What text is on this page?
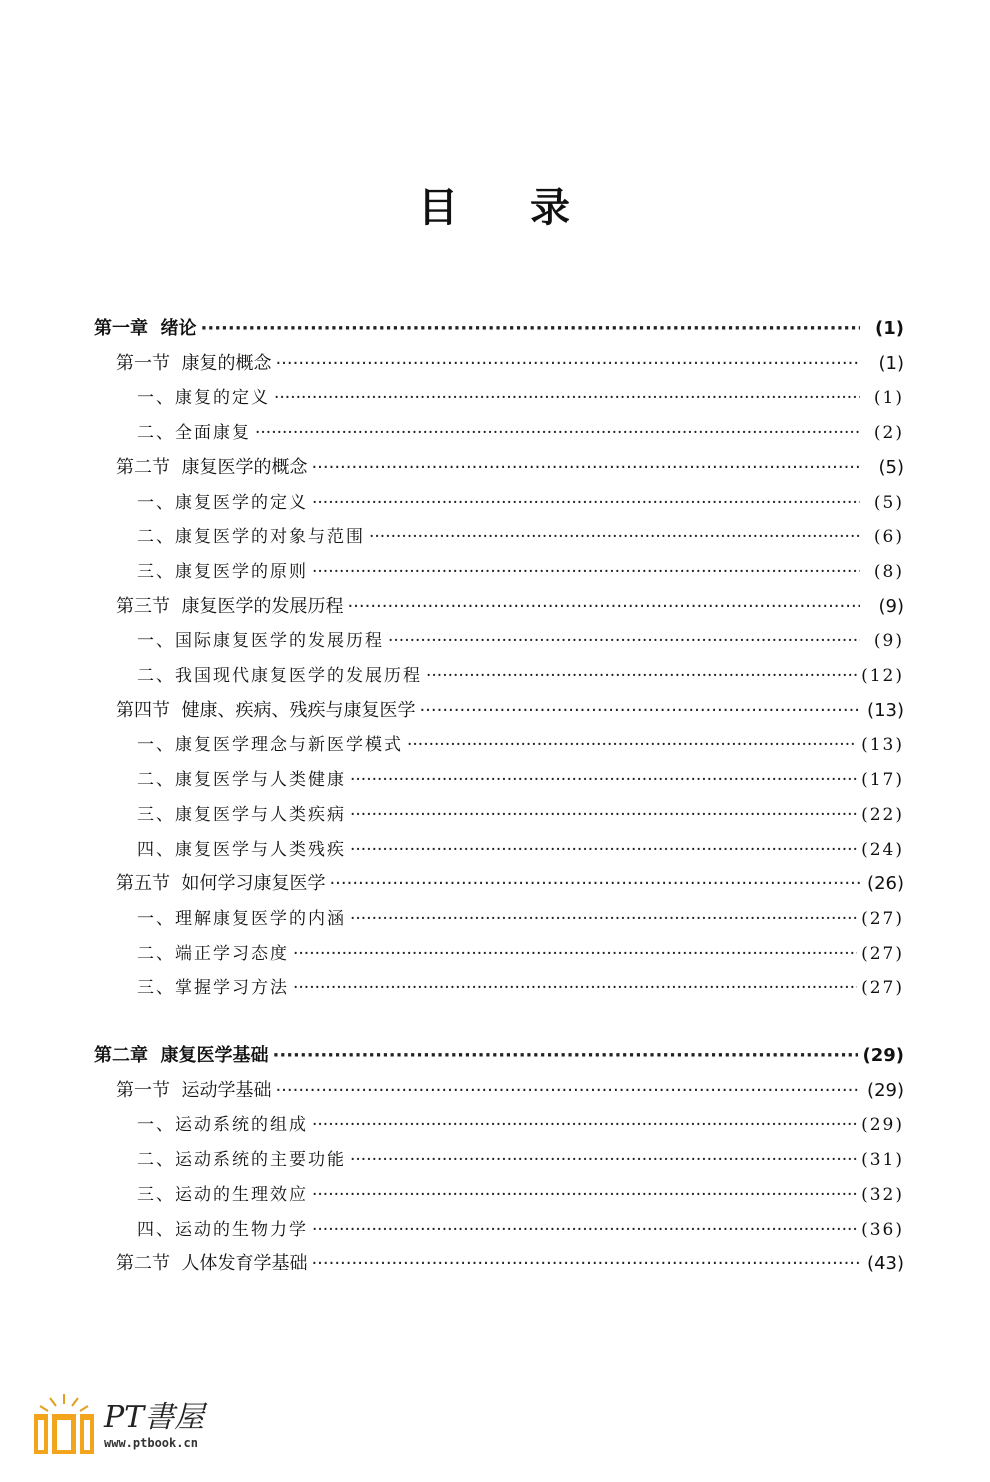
目 录
第一章  绪论 ·····	(1)
第一节  康复的概念 ·····	(1)
一、康复的定义 ·····	(1)
二、全面康复 ·····	(2)
第二节  康复医学的概念 ·····	(5)
一、康复医学的定义 ·····	(5)
二、康复医学的对象与范围 ·····	(6)
三、康复医学的原则 ·····	(8)
第三节  康复医学的发展历程 ·····	(9)
一、国际康复医学的发展历程 ·····	(9)
二、我国现代康复医学的发展历程 ·····	(12)
第四节  健康、疾病、残疾与康复医学 ·····	(13)
一、康复医学理念与新医学模式 ·····	(13)
二、康复医学与人类健康 ·····	(17)
三、康复医学与人类疾病 ·····	(22)
四、康复医学与人类残疾 ·····	(24)
第五节  如何学习康复医学 ·····	(26)
一、理解康复医学的内涵 ·····	(27)
二、端正学习态度 ·····	(27)
三、掌握学习方法 ·····	(27)
第二章  康复医学基础 ·····	(29)
第一节  运动学基础 ·····	(29)
一、运动系统的组成 ·····	(29)
二、运动系统的主要功能 ·····	(31)
三、运动的生理效应 ·····	(32)
四、运动的生物力学 ·····	(36)
第二节  人体发育学基础 ·····	(43)
PT書屋
www.ptbook.cn
